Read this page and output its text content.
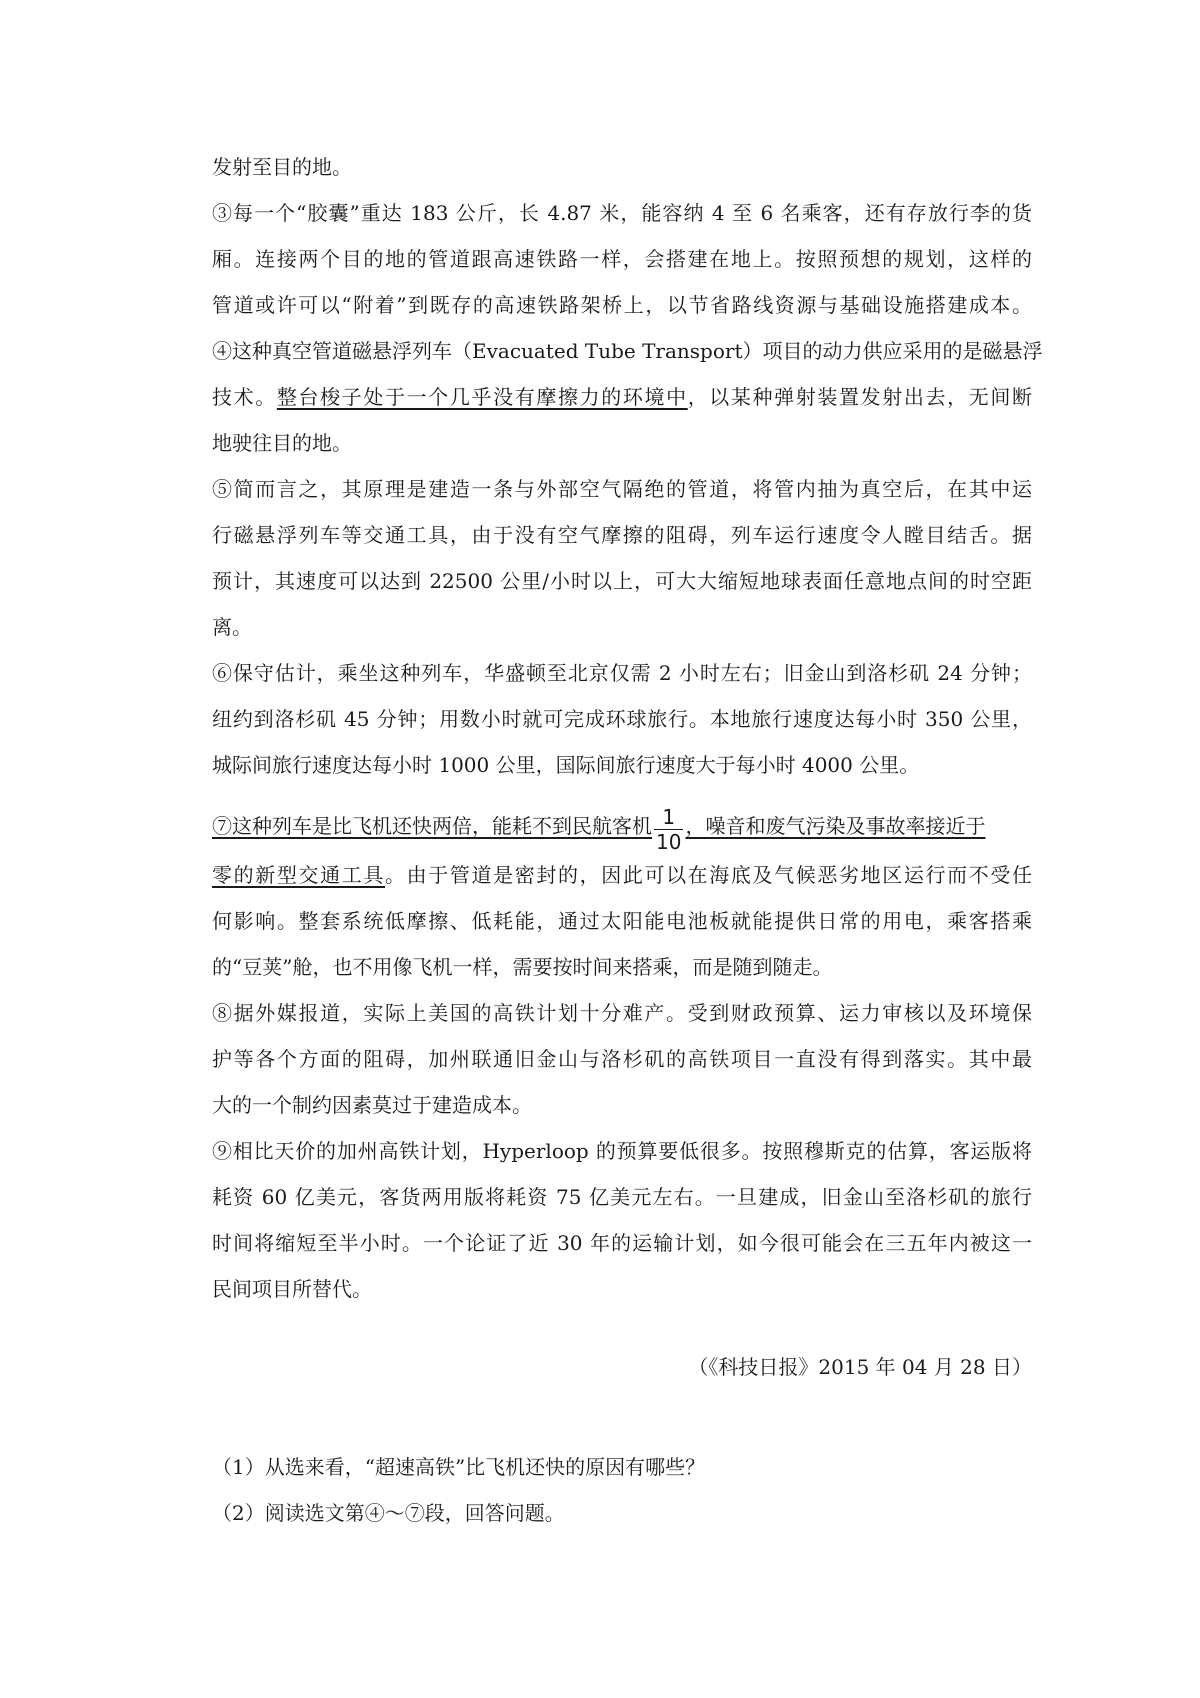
发射至目的地。
③每一个“胶囊”重达 183 公斤，长 4.87 米，能容纳 4 至 6 名乘客，还有存放行李的货
厢。连接两个目的地的管道跟高速铁路一样，会搭建在地上。按照预想的规划，这样的
管道或许可以“附着”到既存的高速铁路架桥上，以节省路线资源与基础设施搭建成本。
④这种真空管道磁悬浮列车（Evacuated Tube Transport）项目的动力供应采用的是磁悬浮
技术。整台梭子处于一个几乎没有摩擦力的环境中，以某种弹射装置发射出去，无间断
地驶往目的地。
⑤简而言之，其原理是建造一条与外部空气隔绝的管道，将管内抽为真空后，在其中运
行磁悬浮列车等交通工具，由于没有空气摩擦的阻碍，列车运行速度令人瞠目结舌。据
预计，其速度可以达到 22500 公里/小时以上，可大大缩短地球表面任意地点间的时空距
离。
⑥保守估计，乘坐这种列车，华盛顿至北京仅需 2 小时左右；旧金山到洛杉矶 24 分钟；
纽约到洛杉矶 45 分钟；用数小时就可完成环球旅行。本地旅行速度达每小时 350 公里，
城际间旅行速度达每小时 1000 公里，国际间旅行速度大于每小时 4000 公里。
⑦这种列车是比飞机还快两倍，能耗不到民航客机 $\frac{1}{10}$ ，噪音和废气污染及事故率接近于
零的新型交通工具。由于管道是密封的，因此可以在海底及气候恶劣地区运行而不受任
何影响。整套系统低摩擦、低耗能，通过太阳能电池板就能提供日常的用电，乘客搭乘
的“豆荚”舱，也不用像飞机一样，需要按时间来搭乘，而是随到随走。
⑧据外媒报道，实际上美国的高铁计划十分难产。受到财政预算、运力审核以及环境保
护等各个方面的阻碍，加州联通旧金山与洛杉矶的高铁项目一直没有得到落实。其中最
大的一个制约因素莫过于建造成本。
⑨相比天价的加州高铁计划，Hyperloop 的预算要低很多。按照穆斯克的估算，客运版将
耗资 60 亿美元，客货两用版将耗资 75 亿美元左右。一旦建成，旧金山至洛杉矶的旅行
时间将缩短至半小时。一个论证了近 30 年的运输计划，如今很可能会在三五年内被这一
民间项目所替代。
（《科技日报》2015 年 04 月 28 日）
（1）从选来看，“超速高铁”比飞机还快的原因有哪些？
（2）阅读选文第④～⑦段，回答问题。
